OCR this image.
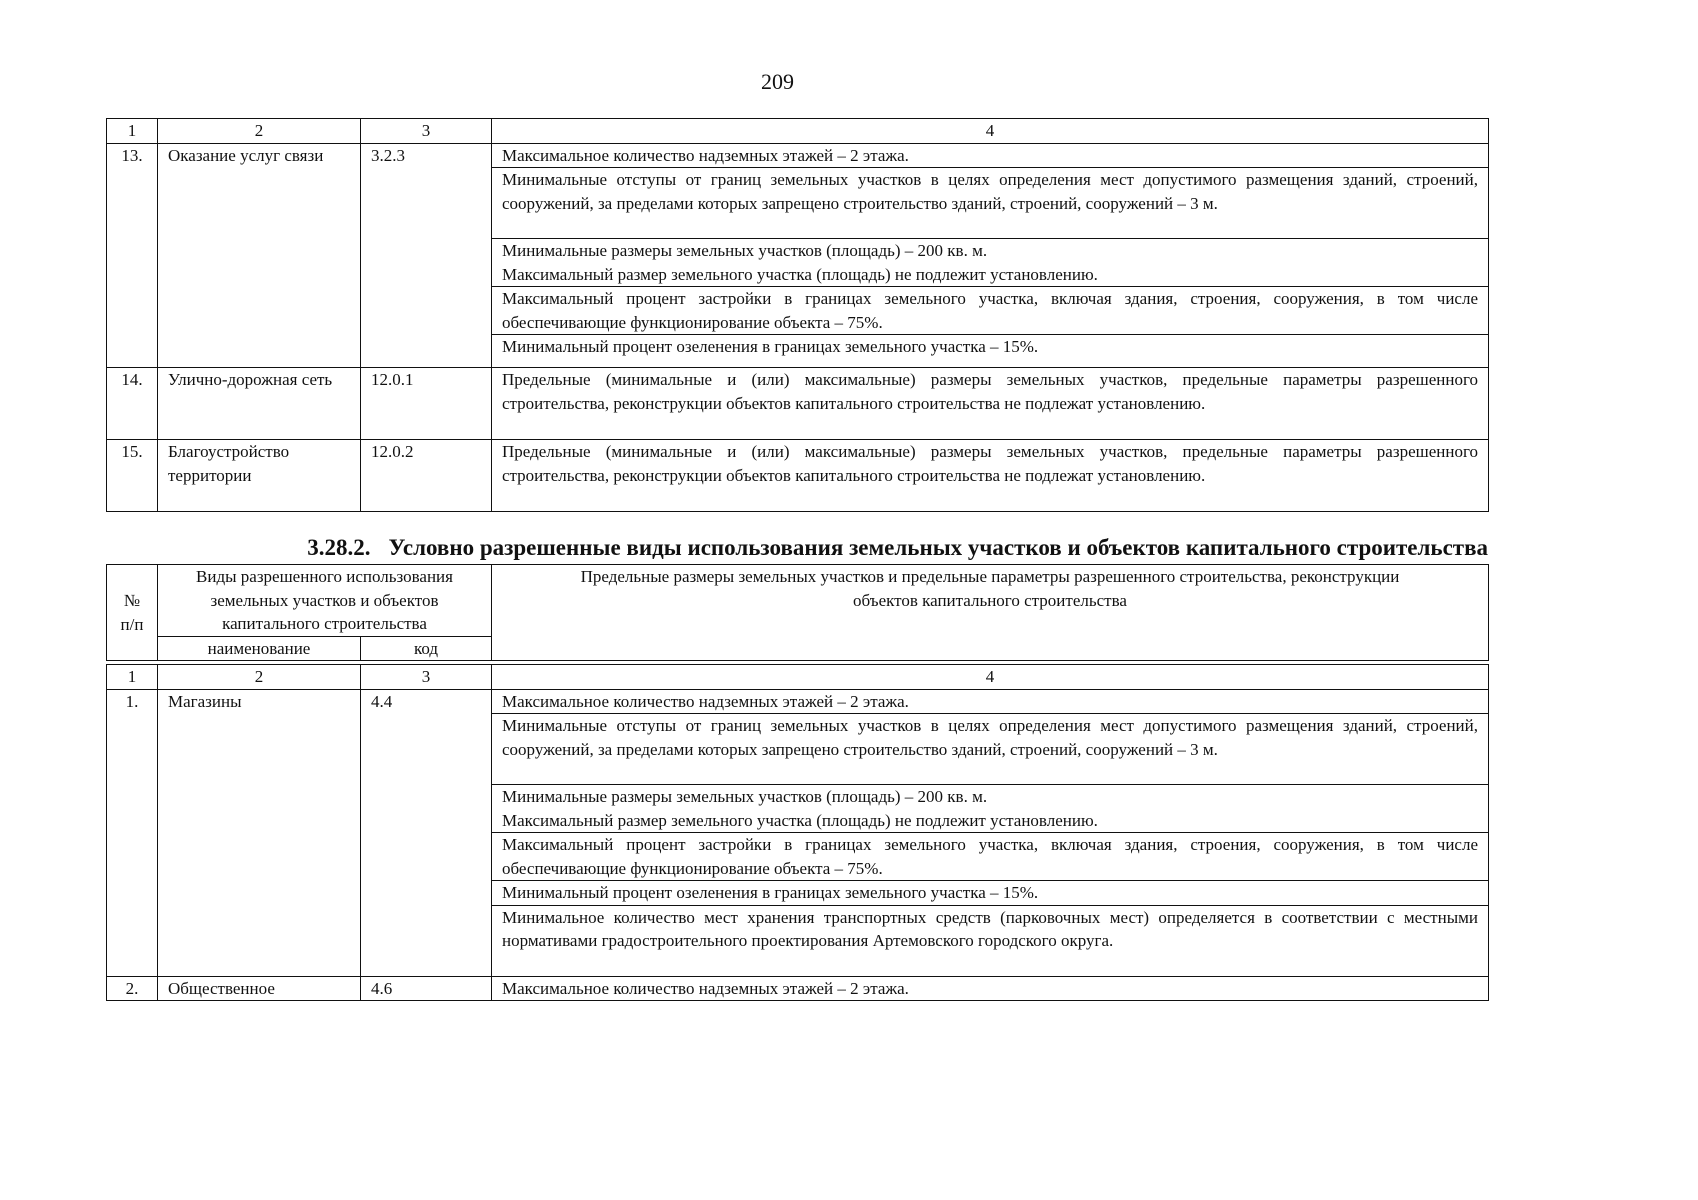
209
1	2	3	4
13.	Оказание услуг связи	3.2.3	Максимальное количество надземных этажей – 2 этажа.
			Минимальные отступы от границ земельных участков в целях определения мест допустимого размещения зданий, строений, сооружений, за пределами которых запрещено строительство зданий, строений, сооружений – 3 м.
			Минимальные размеры земельных участков (площадь) – 200 кв. м.
			Максимальный размер земельного участка (площадь) не подлежит установлению.
			Максимальный процент застройки в границах земельного участка, включая здания, строения, сооружения, в том числе обеспечивающие функционирование объекта – 75%.
			Минимальный процент озеленения в границах земельного участка – 15%.
14.	Улично-дорожная сеть	12.0.1	Предельные (минимальные и (или) максимальные) размеры земельных участков, предельные параметры разрешенного строительства, реконструкции объектов капитального строительства не подлежат установлению.
15.	Благоустройство территории	12.0.2	Предельные (минимальные и (или) максимальные) размеры земельных участков, предельные параметры разрешенного строительства, реконструкции объектов капитального строительства не подлежат установлению.
3.28.2. Условно разрешенные виды использования земельных участков и объектов капитального строительства
№ п/п	Виды разрешенного использования земельных участков и объектов капитального строительства		Предельные размеры земельных участков и предельные параметры разрешенного строительства, реконструкции объектов капитального строительства
	наименование	код	
1	2	3	4
1.	Магазины	4.4	Максимальное количество надземных этажей – 2 этажа.
			Минимальные отступы от границ земельных участков в целях определения мест допустимого размещения зданий, строений, сооружений, за пределами которых запрещено строительство зданий, строений, сооружений – 3 м.
			Минимальные размеры земельных участков (площадь) – 200 кв. м.
			Максимальный размер земельного участка (площадь) не подлежит установлению.
			Максимальный процент застройки в границах земельного участка, включая здания, строения, сооружения, в том числе обеспечивающие функционирование объекта – 75%.
			Минимальный процент озеленения в границах земельного участка – 15%.
			Минимальное количество мест хранения транспортных средств (парковочных мест) определяется в соответствии с местными нормативами градостроительного проектирования Артемовского городского округа.
2.	Общественное	4.6	Максимальное количество надземных этажей – 2 этажа.
